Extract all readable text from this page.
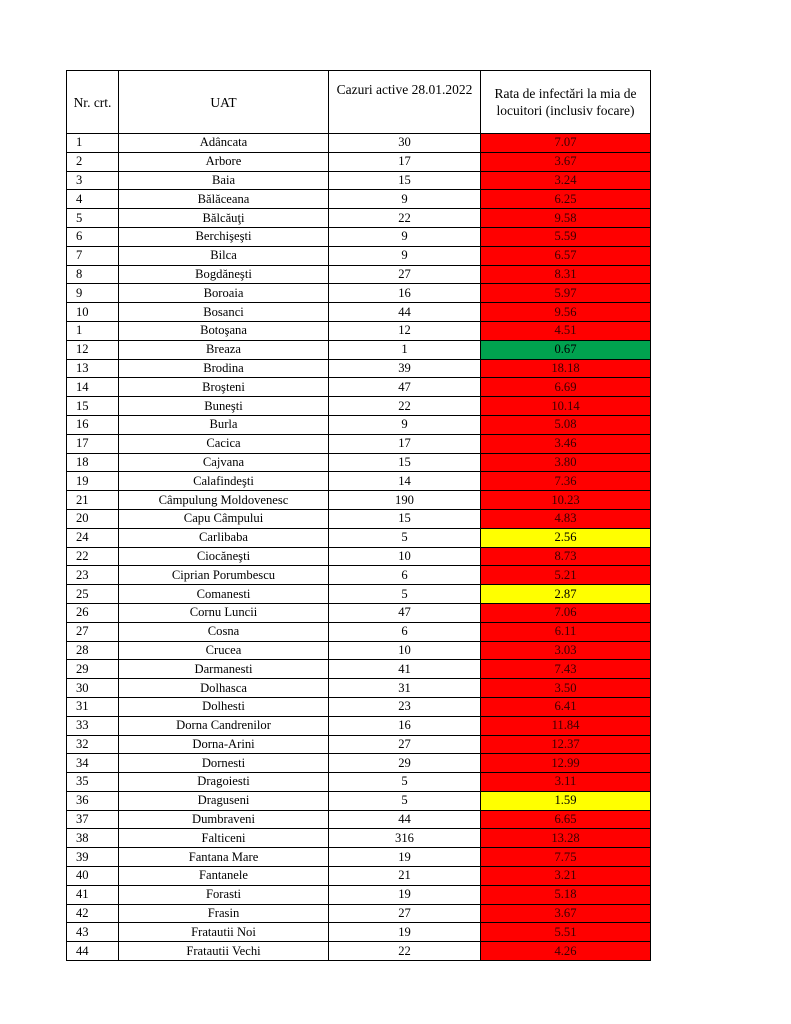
Nr. crt.	UAT	Cazuri active 28.01.2022	Rata de infectări la mia de locuitori (inclusiv focare)
1	Adâncata	30	7.07
2	Arbore	17	3.67
3	Baia	15	3.24
4	Bălăceana	9	6.25
5	Bălcăuţi	22	9.58
6	Berchişeşti	9	5.59
7	Bilca	9	6.57
8	Bogdăneşti	27	8.31
9	Boroaia	16	5.97
10	Bosanci	44	9.56
1	Botoşana	12	4.51
12	Breaza	1	0.67
13	Brodina	39	18.18
14	Broşteni	47	6.69
15	Buneşti	22	10.14
16	Burla	9	5.08
17	Cacica	17	3.46
18	Cajvana	15	3.80
19	Calafindeşti	14	7.36
21	Câmpulung Moldovenesc	190	10.23
20	Capu Câmpului	15	4.83
24	Carlibaba	5	2.56
22	Ciocăneşti	10	8.73
23	Ciprian Porumbescu	6	5.21
25	Comanesti	5	2.87
26	Cornu Luncii	47	7.06
27	Cosna	6	6.11
28	Crucea	10	3.03
29	Darmanesti	41	7.43
30	Dolhasca	31	3.50
31	Dolhesti	23	6.41
33	Dorna Candrenilor	16	11.84
32	Dorna-Arini	27	12.37
34	Dornesti	29	12.99
35	Dragoiesti	5	3.11
36	Draguseni	5	1.59
37	Dumbraveni	44	6.65
38	Falticeni	316	13.28
39	Fantana Mare	19	7.75
40	Fantanele	21	3.21
41	Forasti	19	5.18
42	Frasin	27	3.67
43	Fratautii Noi	19	5.51
44	Fratautii Vechi	22	4.26
